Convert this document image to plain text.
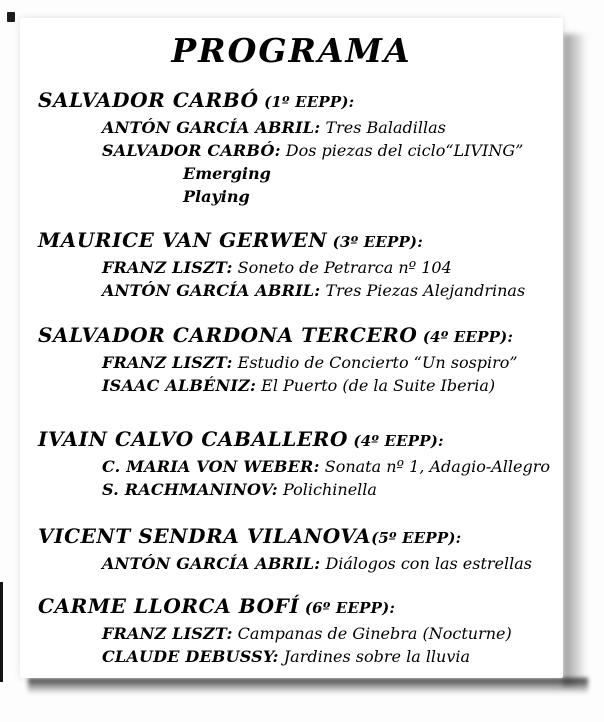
PROGRAMA
SALVADOR CARBÓ (1º EEPP):
ANTÓN GARCÍA ABRIL: Tres Baladillas
SALVADOR CARBÓ: Dos piezas del ciclo“LIVING”
Emerging
Playing
MAURICE VAN GERWEN (3º EEPP):
FRANZ LISZT: Soneto de Petrarca nº 104
ANTÓN GARCÍA ABRIL: Tres Piezas Alejandrinas
SALVADOR CARDONA TERCERO (4º EEPP):
FRANZ LISZT: Estudio de Concierto “Un sospiro”
ISAAC ALBÉNIZ: El Puerto (de la Suite Iberia)
IVAIN CALVO CABALLERO (4º EEPP):
C. MARIA VON WEBER: Sonata nº 1, Adagio-Allegro
S. RACHMANINOV: Polichinella
VICENT SENDRA VILANOVA(5º EEPP):
ANTÓN GARCÍA ABRIL: Diálogos con las estrellas
CARME LLORCA BOFÍ (6º EEPP):
FRANZ LISZT: Campanas de Ginebra (Nocturne)
CLAUDE DEBUSSY: Jardines sobre la lluvia
